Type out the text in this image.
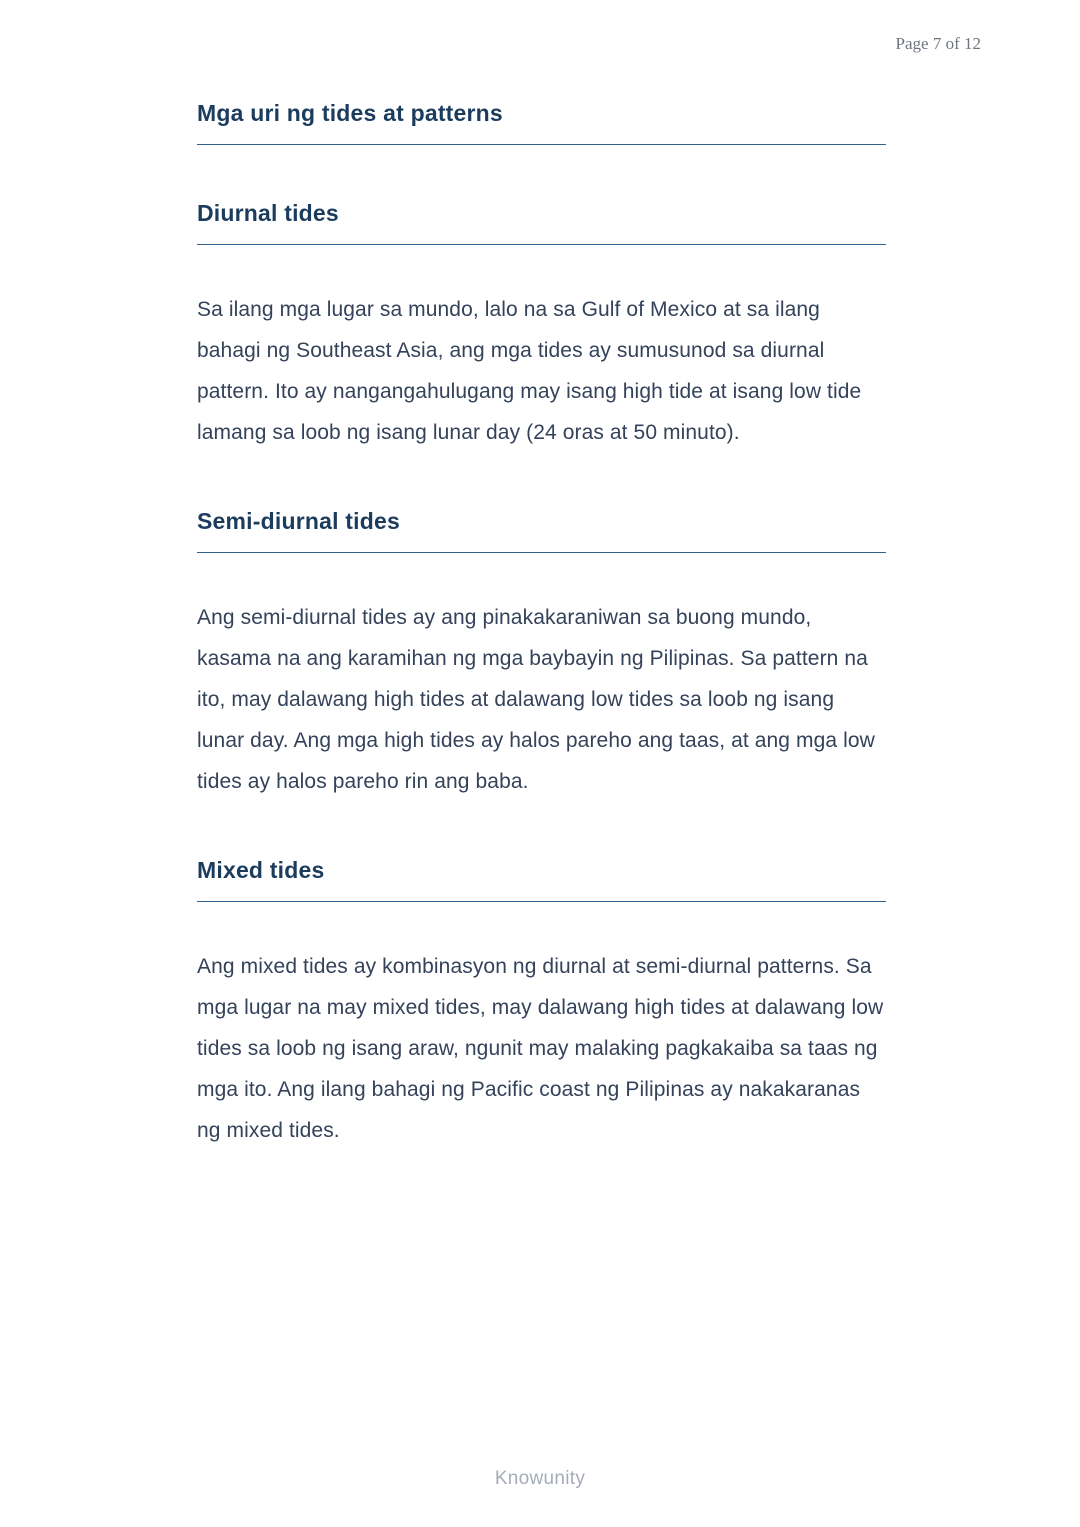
Page 7 of 12
Mga uri ng tides at patterns
Diurnal tides

Sa ilang mga lugar sa mundo, lalo na sa Gulf of Mexico at sa ilang bahagi ng Southeast Asia, ang mga tides ay sumusunod sa diurnal pattern. Ito ay nangangahulugang may isang high tide at isang low tide lamang sa loob ng isang lunar day (24 oras at 50 minuto).

Semi-diurnal tides

Ang semi-diurnal tides ay ang pinakakaraniwan sa buong mundo, kasama na ang karamihan ng mga baybayin ng Pilipinas. Sa pattern na ito, may dalawang high tides at dalawang low tides sa loob ng isang lunar day. Ang mga high tides ay halos pareho ang taas, at ang mga low tides ay halos pareho rin ang baba.

Mixed tides

Ang mixed tides ay kombinasyon ng diurnal at semi-diurnal patterns. Sa mga lugar na may mixed tides, may dalawang high tides at dalawang low tides sa loob ng isang araw, ngunit may malaking pagkakaiba sa taas ng mga ito. Ang ilang bahagi ng Pacific coast ng Pilipinas ay nakakaranas ng mixed tides.

Knowunity
